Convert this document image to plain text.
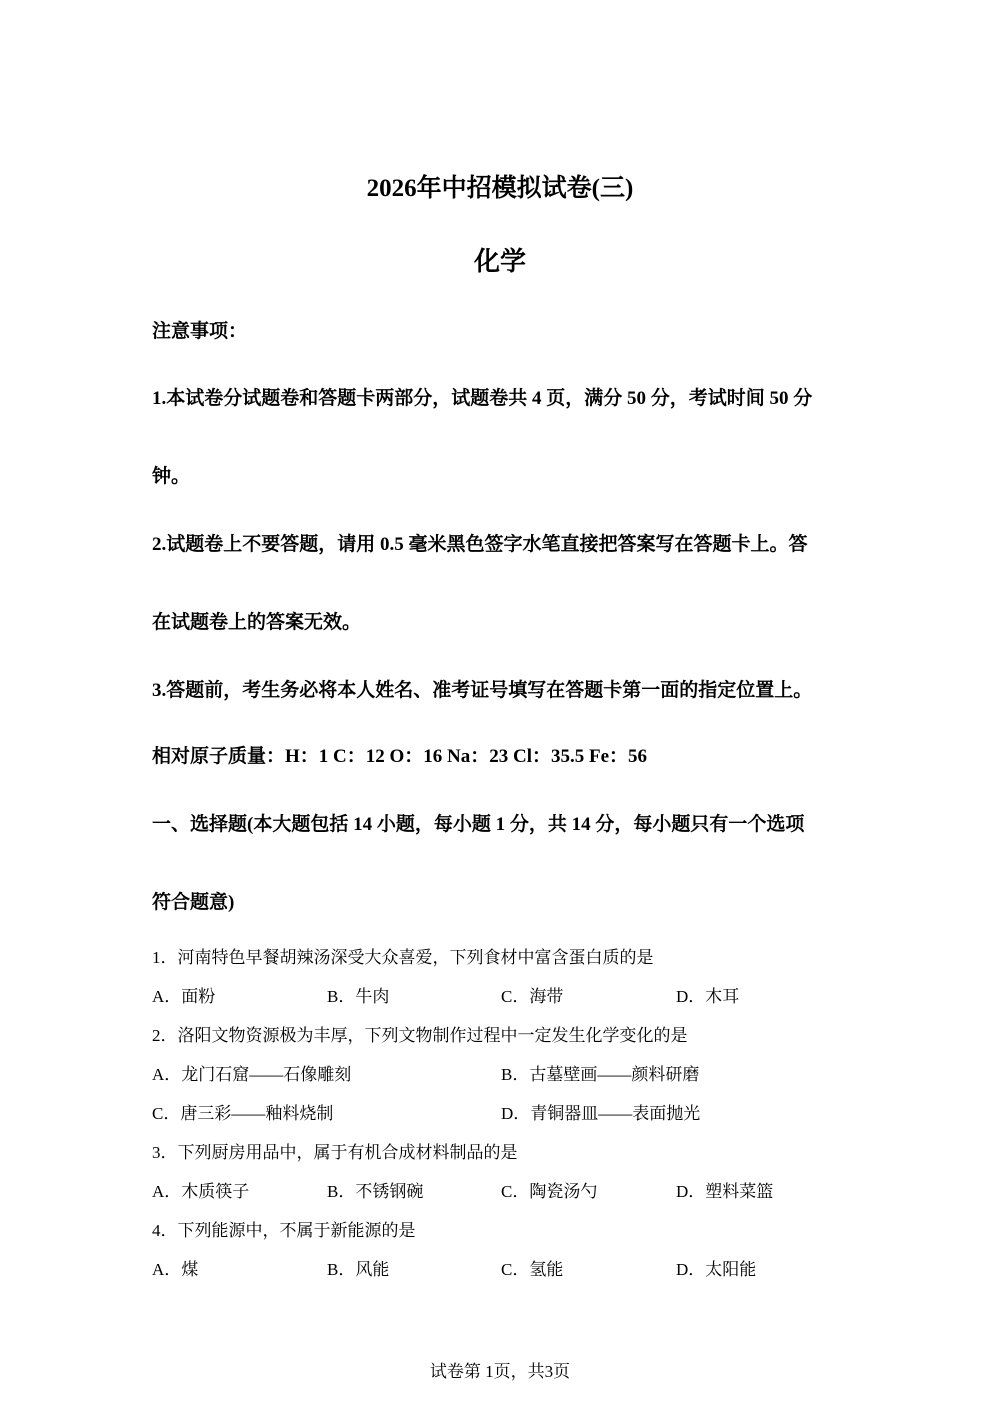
2026年中招模拟试卷(三)
化学
注意事项：
1.本试卷分试题卷和答题卡两部分，试题卷共 4 页，满分 50 分，考试时间 50 分
钟。
2.试题卷上不要答题，请用 0.5 毫米黑色签字水笔直接把答案写在答题卡上。答
在试题卷上的答案无效。
3.答题前，考生务必将本人姓名、准考证号填写在答题卡第一面的指定位置上。
相对原子质量：H：1 C：12 O：16 Na：23 Cl：35.5 Fe：56
一、选择题(本大题包括 14 小题，每小题 1 分，共 14 分，每小题只有一个选项
符合题意)
1．河南特色早餐胡辣汤深受大众喜爱，下列食材中富含蛋白质的是
A．面粉	B．牛肉	C．海带	D．木耳
2．洛阳文物资源极为丰厚，下列文物制作过程中一定发生化学变化的是
A．龙门石窟——石像雕刻	B．古墓壁画——颜料研磨
C．唐三彩——釉料烧制	D．青铜器皿——表面抛光
3．下列厨房用品中，属于有机合成材料制品的是
A．木质筷子	B．不锈钢碗	C．陶瓷汤勺	D．塑料菜篮
4．下列能源中，不属于新能源的是
A．煤	B．风能	C．氢能	D．太阳能
试卷第 1页，共3页
